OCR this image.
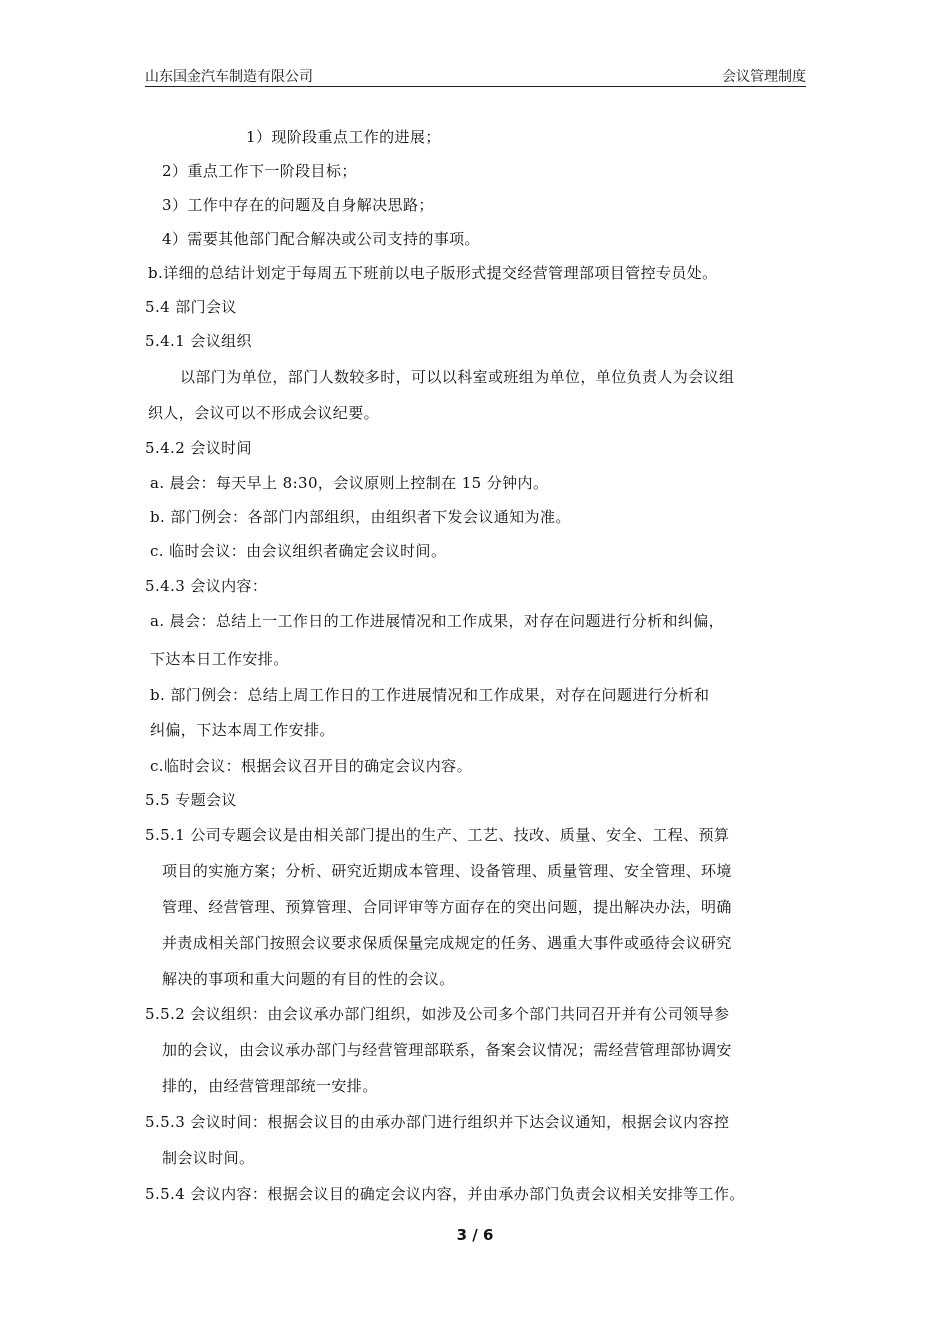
山东国金汽车制造有限公司	会议管理制度
1）现阶段重点工作的进展；
2）重点工作下一阶段目标；
3）工作中存在的问题及自身解决思路；
4）需要其他部门配合解决或公司支持的事项。
b.详细的总结计划定于每周五下班前以电子版形式提交经营管理部项目管控专员处。
5.4 部门会议
5.4.1 会议组织
以部门为单位，部门人数较多时，可以以科室或班组为单位，单位负责人为会议组
织人，会议可以不形成会议纪要。
5.4.2 会议时间
a. 晨会：每天早上 8:30，会议原则上控制在 15 分钟内。
b. 部门例会：各部门内部组织，由组织者下发会议通知为准。
c. 临时会议：由会议组织者确定会议时间。
5.4.3 会议内容：
a. 晨会：总结上一工作日的工作进展情况和工作成果，对存在问题进行分析和纠偏，
下达本日工作安排。
b. 部门例会：总结上周工作日的工作进展情况和工作成果，对存在问题进行分析和
纠偏，下达本周工作安排。
c.临时会议：根据会议召开目的确定会议内容。
5.5 专题会议
5.5.1 公司专题会议是由相关部门提出的生产、工艺、技改、质量、安全、工程、预算
项目的实施方案；分析、研究近期成本管理、设备管理、质量管理、安全管理、环境
管理、经营管理、预算管理、合同评审等方面存在的突出问题，提出解决办法，明确
并责成相关部门按照会议要求保质保量完成规定的任务、遇重大事件或亟待会议研究
解决的事项和重大问题的有目的性的会议。
5.5.2 会议组织：由会议承办部门组织，如涉及公司多个部门共同召开并有公司领导参
加的会议，由会议承办部门与经营管理部联系，备案会议情况；需经营管理部协调安
排的，由经营管理部统一安排。
5.5.3 会议时间：根据会议目的由承办部门进行组织并下达会议通知，根据会议内容控
制会议时间。
5.5.4 会议内容：根据会议目的确定会议内容，并由承办部门负责会议相关安排等工作。
3 / 6
